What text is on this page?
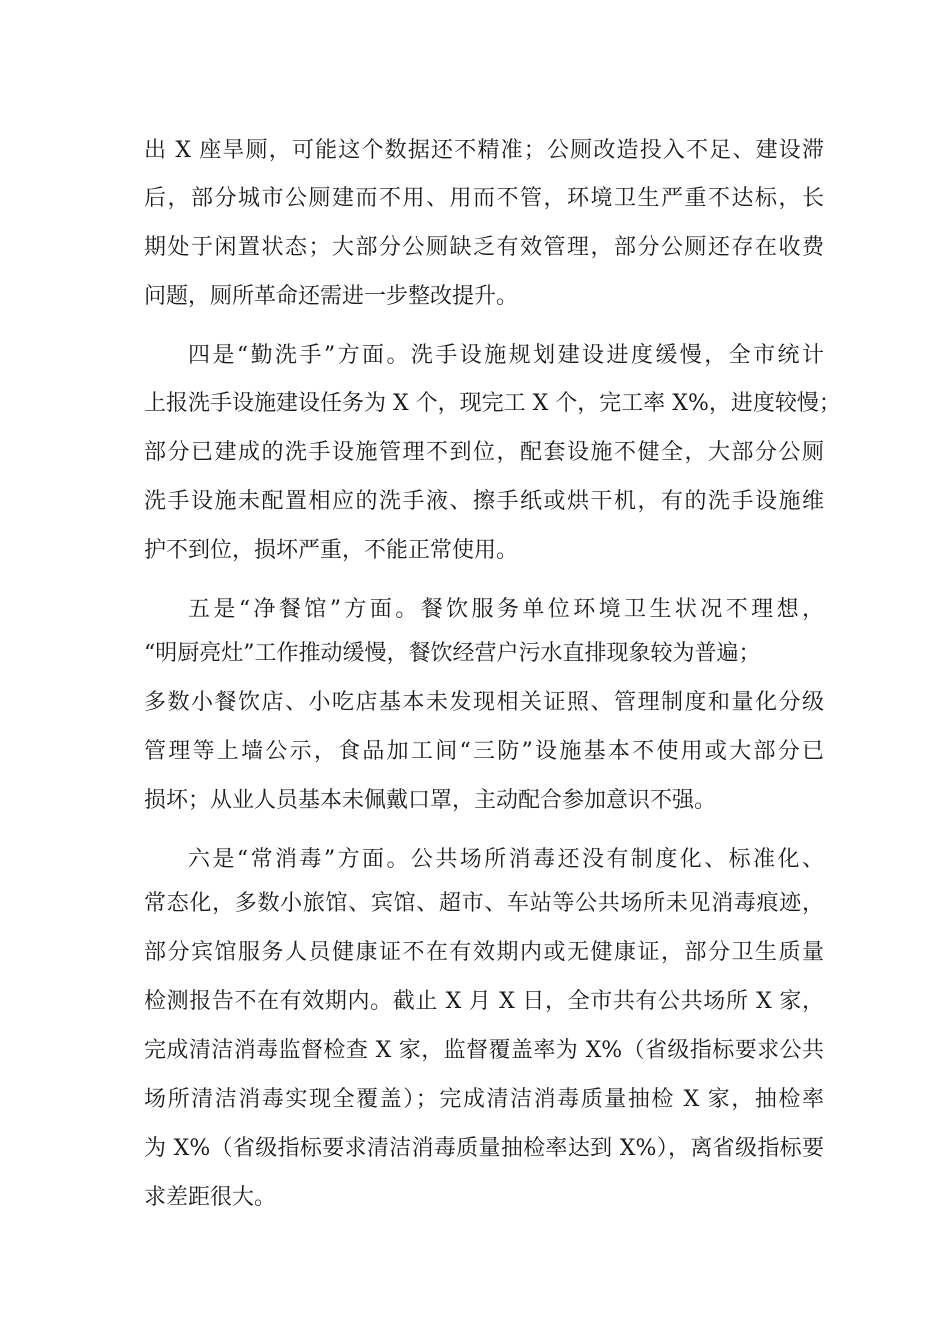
出 X 座旱厕，可能这个数据还不精准；公厕改造投入不足、建设滞
后，部分城市公厕建而不用、用而不管，环境卫生严重不达标，长
期处于闲置状态；大部分公厕缺乏有效管理，部分公厕还存在收费
问题，厕所革命还需进一步整改提升。
四是“勤洗手”方面。洗手设施规划建设进度缓慢，全市统计
上报洗手设施建设任务为 X 个，现完工 X 个，完工率 X%，进度较慢；
部分已建成的洗手设施管理不到位，配套设施不健全，大部分公厕
洗手设施未配置相应的洗手液、擦手纸或烘干机，有的洗手设施维
护不到位，损坏严重，不能正常使用。
五是“净餐馆”方面。餐饮服务单位环境卫生状况不理想，
“明厨亮灶”工作推动缓慢，餐饮经营户污水直排现象较为普遍；
多数小餐饮店、小吃店基本未发现相关证照、管理制度和量化分级
管理等上墙公示，食品加工间“三防”设施基本不使用或大部分已
损坏；从业人员基本未佩戴口罩，主动配合参加意识不强。
六是“常消毒”方面。公共场所消毒还没有制度化、标准化、
常态化，多数小旅馆、宾馆、超市、车站等公共场所未见消毒痕迹，
部分宾馆服务人员健康证不在有效期内或无健康证，部分卫生质量
检测报告不在有效期内。截止 X 月 X 日，全市共有公共场所 X 家，
完成清洁消毒监督检查 X 家，监督覆盖率为 X%（省级指标要求公共
场所清洁消毒实现全覆盖）；完成清洁消毒质量抽检 X 家，抽检率
为 X%（省级指标要求清洁消毒质量抽检率达到 X%），离省级指标要
求差距很大。
